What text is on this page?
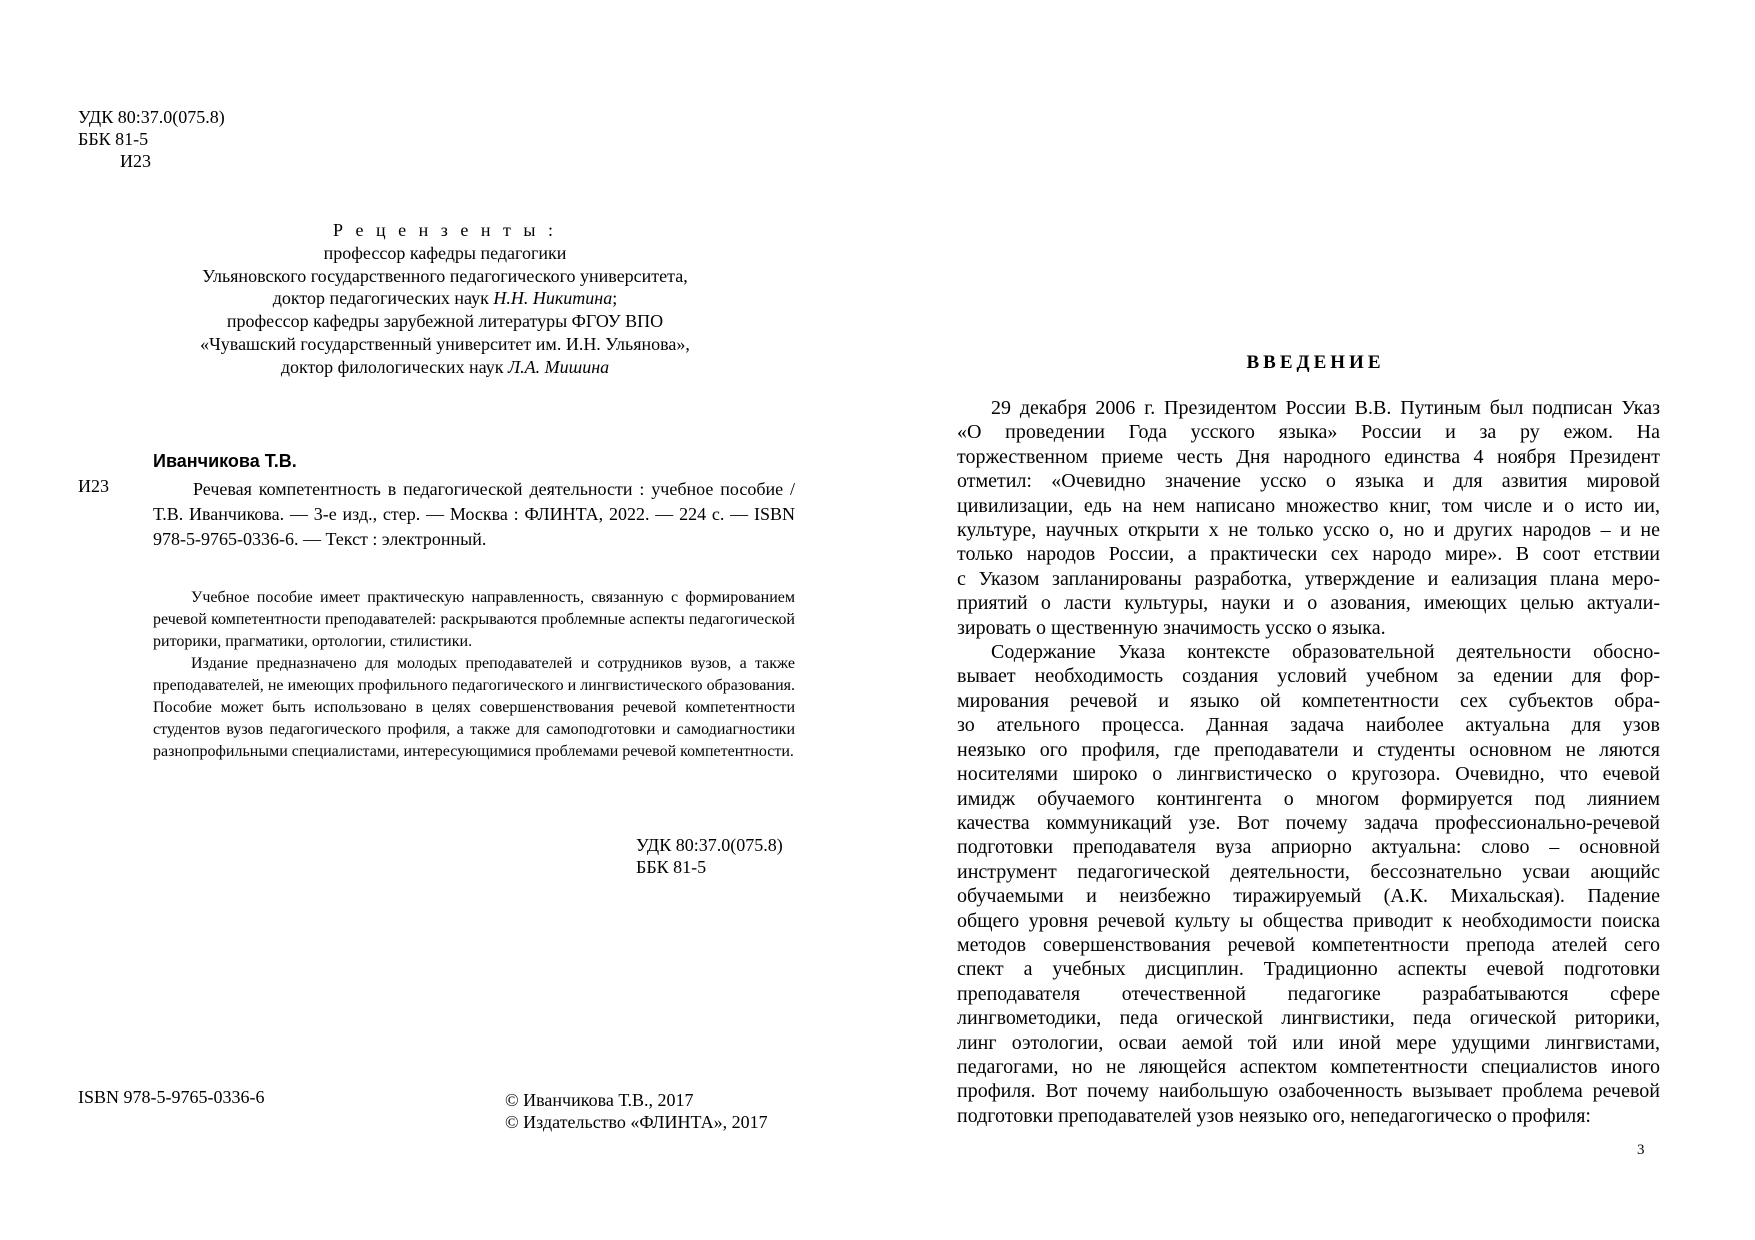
УДК 80:37.0(075.8)
ББК 81-5
И23
Р е ц е н з е н т ы :
профессор кафедры педагогики
Ульяновского государственного педагогического университета,
доктор педагогических наук Н.Н. Никитина;
профессор кафедры зарубежной литературы ФГОУ ВПО
«Чувашский государственный университет им. И.Н. Ульянова»,
доктор филологических наук Л.А. Мишина
Иванчикова Т.В.
И23	Речевая компетентность в педагогической деятельности : учебное пособие / Т.В. Иванчикова. — 3-е изд., стер. — Москва : ФЛИНТА, 2022. — 224 с. — ISBN 978-5-9765-0336-6. — Текст : электронный.

Учебное пособие имеет практическую направленность, связанную с формированием речевой компетентности преподавателей: раскрываются проблемные аспекты педагогической риторики, прагматики, ортологии, стилистики.

Издание предназначено для молодых преподавателей и сотрудников вузов, а также преподавателей, не имеющих профильного педагогического и лингвистического образования. Пособие может быть использовано в целях совершенствования речевой компетентности студентов вузов педагогического профиля, а также для самоподготовки и самодиагностики разнопрофильными специалистами, интересующимися проблемами речевой компетентности.

УДК 80:37.0(075.8)
ББК 81-5
ISBN 978-5-9765-0336-6	© Иванчикова Т.В., 2017
© Издательство «ФЛИНТА», 2017
ВВЕДЕНИЕ
29 декабря 2006 г. Президентом России В.В. Путиным был подписан Указ
«О проведении Года усского языка» России и за ру ежом. На
торжественном приеме честь Дня народного единства 4 ноября Президент
отметил: «Очевидно значение усско о языка и для азвития мировой
цивилизации, едь на нем написано множество книг, том числе и о исто ии,
культуре, научных открыти х не только усско о, но и других народов – и не
только народов России, а практически сех народо мире». В соот етствии
с Указом запланированы разработка, утверждение и еализация плана меро-
приятий о ласти культуры, науки и о азования, имеющих целью актуали-
зировать о щественную значимость усско о языка.
Содержание Указа контексте образовательной деятельности обосно-
вывает необходимость создания условий учебном за едении для фор-
мирования речевой и языко ой компетентности сех субъектов обра-
зо ательного процесса. Данная задача наиболее актуальна для узов
неязыко ого профиля, где преподаватели и студенты основном не ляются
носителями широко о лингвистическо о кругозора. Очевидно, что ечевой
имидж обучаемого контингента о многом формируется под лиянием
качества коммуникаций узе. Вот почему задача профессионально-речевой
подготовки преподавателя вуза априорно актуальна: слово – основной
инструмент педагогической деятельности, бессознательно усваи ающийс
обучаемыми и неизбежно тиражируемый (А.К. Михальская). Падение
общего уровня речевой культу ы общества приводит к необходимости поиска
методов совершенствования речевой компетентности препода ателей сего
спект а учебных дисциплин. Традиционно аспекты ечевой подготовки
преподавателя отечественной педагогике разрабатываются сфере
лингвометодики, педа огической лингвистики, педа огической риторики,
линг оэтологии, осваи аемой той или иной мере удущими лингвистами,
педагогами, но не ляющейся аспектом компетентности специалистов иного
профиля. Вот почему наибольшую озабоченность вызывает проблема речевой
подготовки преподавателей узов неязыко ого, непедагогическо о профиля:
3
